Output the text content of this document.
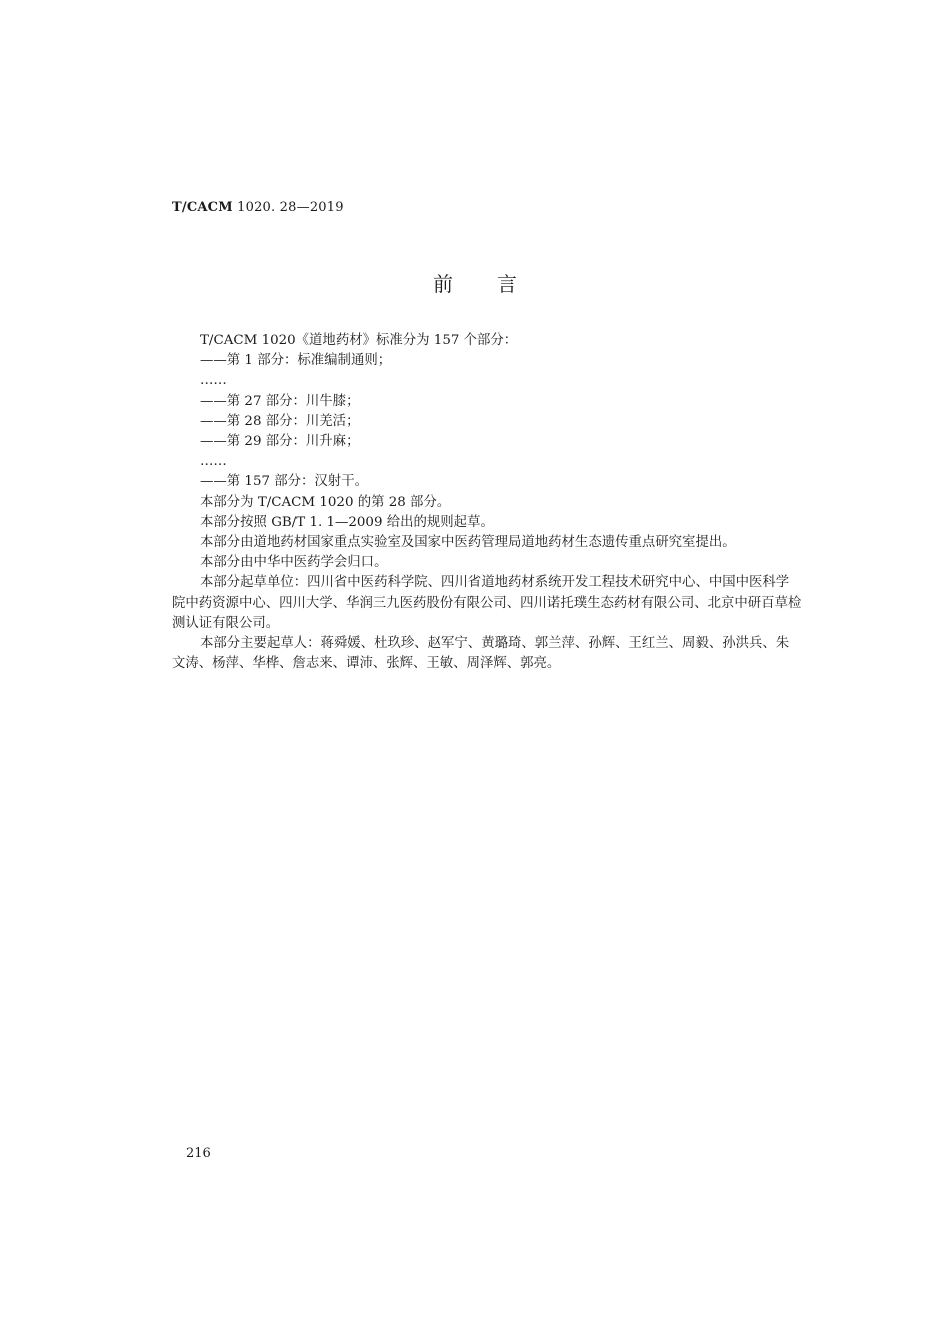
T/CACM 1020. 28—2019
前言

T/CACM 1020《道地药材》标准分为 157 个部分：

——第 1 部分：标准编制通则；

……

——第 27 部分：川牛膝；

——第 28 部分：川羌活；

——第 29 部分：川升麻；

……

——第 157 部分：汉射干。

本部分为 T/CACM 1020 的第 28 部分。

本部分按照 GB/T 1. 1—2009 给出的规则起草。

本部分由道地药材国家重点实验室及国家中医药管理局道地药材生态遗传重点研究室提出。

本部分由中华中医药学会归口。

本部分起草单位：四川省中医药科学院、四川省道地药材系统开发工程技术研究中心、中国中医科学院中药资源中心、四川大学、华润三九医药股份有限公司、四川诺托璞生态药材有限公司、北京中研百草检测认证有限公司。

本部分主要起草人：蒋舜媛、杜玖珍、赵军宁、黄璐琦、郭兰萍、孙辉、王红兰、周毅、孙洪兵、朱文涛、杨萍、华桦、詹志来、谭沛、张辉、王敏、周泽辉、郭亮。

216
